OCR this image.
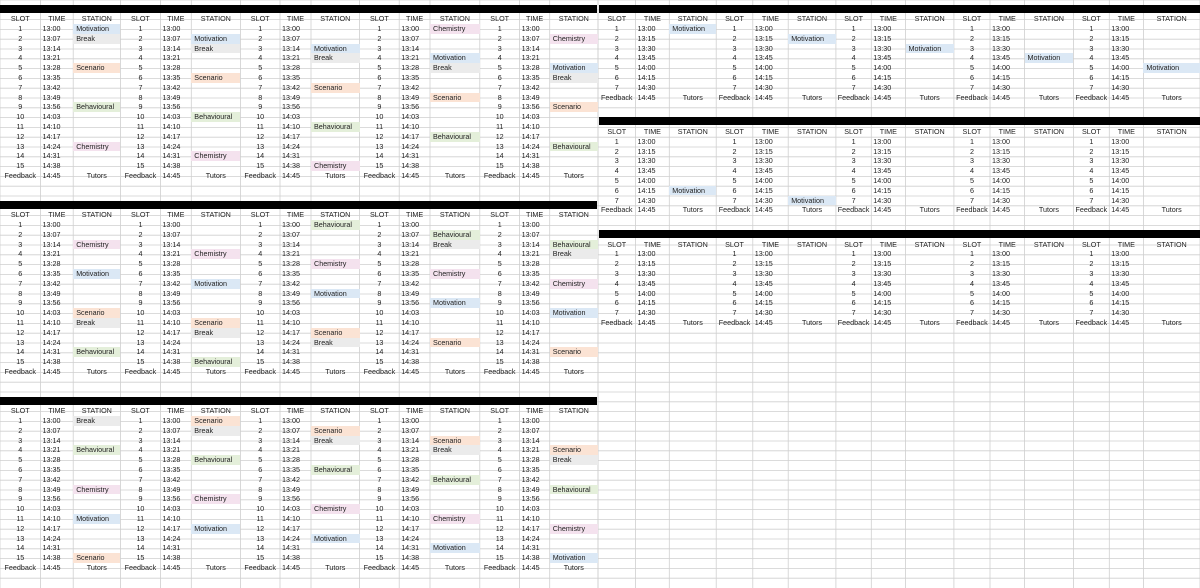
SLOT	TIME	STATION
1	13:00	Motivation
2	13:07	Break
3	13:14
4	13:21
5	13:28	Scenario
6	13:35
7	13:42
8	13:49
9	13:56	Behavioural
10	14:03
11	14:10
12	14:17
13	14:24	Chemistry
14	14:31
15	14:38
Feedback 14:45	Tutors
SLOT	TIME	STATION
1	13:00
2	13:07	Motivation
3	13:14	Break
4	13:21
5	13:28
6	13:35	Scenario
7	13:42
8	13:49
9	13:56
10	14:03	Behavioural
11	14:10
12	14:17
13	14:24
14	14:31	Chemistry
15	14:38
Feedback 14:45	Tutors
SLOT	TIME	STATION
1	13:00
2	13:07
3	13:14	Motivation
4	13:21	Break
5	13:28
6	13:35
7	13:42	Scenario
8	13:49
9	13:56
10	14:03
11	14:10	Behavioural
12	14:17
13	14:24
14	14:31
15	14:38	Chemistry
Feedback 14:45	Tutors
SLOT	TIME	STATION
1	13:00	Chemistry
2	13:07
3	13:14
4	13:21	Motivation
5	13:28	Break
6	13:35
7	13:42
8	13:49	Scenario
9	13:56
10	14:03
11	14:10
12	14:17	Behavioural
13	14:24
14	14:31
15	14:38
Feedback 14:45	Tutors
SLOT	TIME	STATION
1	13:00
2	13:07	Chemistry
3	13:14
4	13:21
5	13:28	Motivation
6	13:35	Break
7	13:42
8	13:49
9	13:56	Scenario
10	14:03
11	14:10
12	14:17
13	14:24	Behavioural
14	14:31
15	14:38
Feedback 14:45	Tutors
SLOT	TIME	STATION
1	13:00
2	13:07
3	13:14	Chemistry
4	13:21
5	13:28
6	13:35	Motivation
7	13:42
8	13:49
9	13:56
10	14:03	Scenario
11	14:10	Break
12	14:17
13	14:24
14	14:31	Behavioural
15	14:38
Feedback 14:45	Tutors
SLOT	TIME	STATION
1	13:00
2	13:07
3	13:14
4	13:21	Chemistry
5	13:28
6	13:35
7	13:42	Motivation
8	13:49
9	13:56
10	14:03
11	14:10	Scenario
12	14:17	Break
13	14:24
14	14:31
15	14:38	Behavioural
Feedback 14:45	Tutors
SLOT	TIME	STATION
1	13:00	Behavioural
2	13:07
3	13:14
4	13:21
5	13:28	Chemistry
6	13:35
7	13:42
8	13:49	Motivation
9	13:56
10	14:03
11	14:10
12	14:17	Scenario
13	14:24	Break
14	14:31
15	14:38
Feedback 14:45	Tutors
SLOT	TIME	STATION
1	13:00
2	13:07	Behavioural
3	13:14	Break
4	13:21
5	13:28
6	13:35	Chemistry
7	13:42
8	13:49
9	13:56	Motivation
10	14:03
11	14:10
12	14:17
13	14:24	Scenario
14	14:31
15	14:38
Feedback 14:45	Tutors
SLOT	TIME	STATION
1	13:00
2	13:07
3	13:14	Behavioural
4	13:21	Break
5	13:28
6	13:35
7	13:42	Chemistry
8	13:49
9	13:56
10	14:03	Motivation
11	14:10
12	14:17
13	14:24
14	14:31	Scenario
15	14:38
Feedback 14:45	Tutors
SLOT	TIME	STATION
1	13:00	Break
2	13:07
3	13:14
4	13:21	Behavioural
5	13:28
6	13:35
7	13:42
8	13:49	Chemistry
9	13:56
10	14:03
11	14:10	Motivation
12	14:17
13	14:24
14	14:31
15	14:38	Scenario
Feedback 14:45	Tutors
SLOT	TIME	STATION
1	13:00	Scenario
2	13:07	Break
3	13:14
4	13:21
5	13:28	Behavioural
6	13:35
7	13:42
8	13:49
9	13:56	Chemistry
10	14:03
11	14:10
12	14:17	Motivation
13	14:24
14	14:31
15	14:38
Feedback 14:45	Tutors
SLOT	TIME	STATION
1	13:00
2	13:07	Scenario
3	13:14	Break
4	13:21
5	13:28
6	13:35	Behavioural
7	13:42
8	13:49
9	13:56
10	14:03	Chemistry
11	14:10
12	14:17
13	14:24	Motivation
14	14:31
15	14:38
Feedback 14:45	Tutors
SLOT	TIME	STATION
1	13:00
2	13:07
3	13:14	Scenario
4	13:21	Break
5	13:28
6	13:35
7	13:42	Behavioural
8	13:49
9	13:56
10	14:03
11	14:10	Chemistry
12	14:17
13	14:24
14	14:31	Motivation
15	14:38
Feedback 14:45	Tutors
SLOT	TIME	STATION
1	13:00
2	13:07
3	13:14
4	13:21	Scenario
5	13:28	Break
6	13:35
7	13:42
8	13:49	Behavioural
9	13:56
10	14:03
11	14:10
12	14:17	Chemistry
13	14:24
14	14:31
15	14:38	Motivation
Feedback 14:45	Tutors
SLOT	TIME	STATION
1	13:00	Motivation
2	13:15
3	13:30
4	13:45
5	14:00
6	14:15
7	14:30
Feedback 14:45	Tutors
SLOT	TIME	STATION
1	13:00
2	13:15	Motivation
3	13:30
4	13:45
5	14:00
6	14:15
7	14:30
Feedback 14:45	Tutors
SLOT	TIME	STATION
1	13:00
2	13:15
3	13:30	Motivation
4	13:45
5	14:00
6	14:15
7	14:30
Feedback 14:45	Tutors
SLOT	TIME	STATION
1	13:00
2	13:15
3	13:30
4	13:45	Motivation
5	14:00
6	14:15
7	14:30
Feedback 14:45	Tutors
SLOT	TIME	STATION
1	13:00
2	13:15
3	13:30
4	13:45
5	14:00	Motivation
6	14:15
7	14:30
Feedback 14:45	Tutors
SLOT	TIME	STATION
1	13:00
2	13:15
3	13:30
4	13:45
5	14:00
6	14:15	Motivation
7	14:30
Feedback 14:45	Tutors
SLOT	TIME	STATION
1	13:00
2	13:15
3	13:30
4	13:45
5	14:00
6	14:15
7	14:30	Motivation
Feedback 14:45	Tutors
SLOT	TIME	STATION
1	13:00
2	13:15
3	13:30
4	13:45
5	14:00
6	14:15
7	14:30
Feedback 14:45	Tutors
SLOT	TIME	STATION
1	13:00
2	13:15
3	13:30
4	13:45
5	14:00
6	14:15
7	14:30
Feedback 14:45	Tutors
SLOT	TIME	STATION
1	13:00
2	13:15
3	13:30
4	13:45
5	14:00
6	14:15
7	14:30
Feedback 14:45	Tutors
SLOT	TIME	STATION
1	13:00
2	13:15
3	13:30
4	13:45
5	14:00
6	14:15
7	14:30
Feedback 14:45	Tutors
SLOT	TIME	STATION
1	13:00
2	13:15
3	13:30
4	13:45
5	14:00
6	14:15
7	14:30
Feedback 14:45	Tutors
SLOT	TIME	STATION
1	13:00
2	13:15
3	13:30
4	13:45
5	14:00
6	14:15
7	14:30
Feedback 14:45	Tutors
SLOT	TIME	STATION
1	13:00
2	13:15
3	13:30
4	13:45
5	14:00
6	14:15
7	14:30
Feedback 14:45	Tutors
SLOT	TIME	STATION
1	13:00
2	13:15
3	13:30
4	13:45
5	14:00
6	14:15
7	14:30
Feedback 14:45	Tutors
